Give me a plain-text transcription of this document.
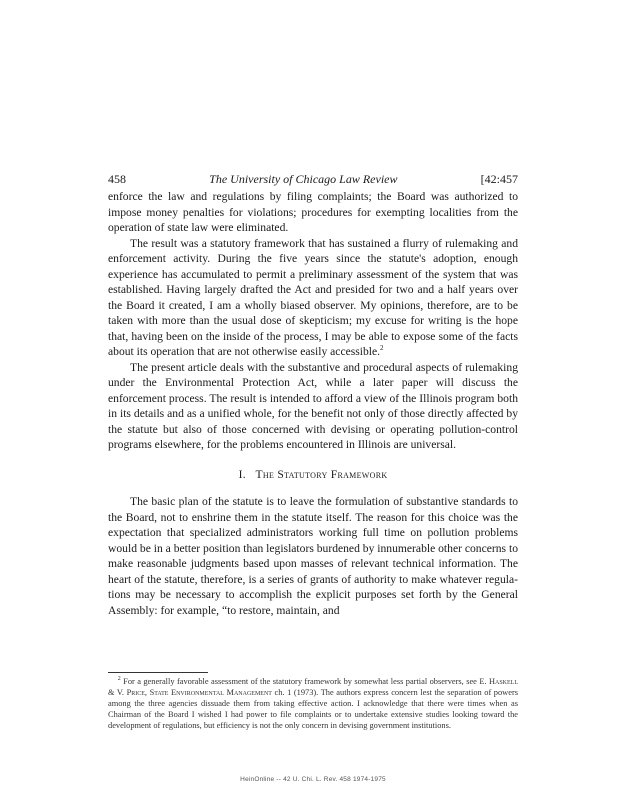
458	The University of Chicago Law Review	[42:457

enforce the law and regulations by filing complaints; the Board was authorized to impose money penalties for violations; procedures for exempting localities from the operation of state law were eliminated.

The result was a statutory framework that has sustained a flurry of rulemaking and enforcement activity. During the five years since the statute's adoption, enough experience has accumulated to permit a preliminary assessment of the system that was established. Having largely drafted the Act and presided for two and a half years over the Board it created, I am a wholly biased observer. My opinions, therefore, are to be taken with more than the usual dose of skepticism; my excuse for writing is the hope that, having been on the inside of the process, I may be able to expose some of the facts about its operation that are not otherwise easily accessible.$^2$

The present article deals with the substantive and procedural aspects of rulemaking under the Environmental Protection Act, while a later paper will discuss the enforcement process. The result is intended to afford a view of the Illinois program both in its details and as a unified whole, for the benefit not only of those directly affected by the statute but also of those concerned with devising or operating pollution-control programs elsewhere, for the problems encountered in Illinois are universal.

I. The Statutory Framework

The basic plan of the statute is to leave the formulation of substantive standards to the Board, not to enshrine them in the statute itself. The reason for this choice was the expectation that specialized administrators working full time on pollution problems would be in a better position than legislators burdened by innumerable other concerns to make reasonable judgments based upon masses of relevant technical information. The heart of the statute, therefore, is a series of grants of authority to make whatever regulations may be necessary to accomplish the explicit purposes set forth by the General Assembly: for example, “to restore, maintain, and

$^2$ For a generally favorable assessment of the statutory framework by somewhat less partial observers, see E. Haskell & V. Price, State Environmental Management ch. 1 (1973). The authors express concern lest the separation of powers among the three agencies dissuade them from taking effective action. I acknowledge that there were times when as Chairman of the Board I wished I had power to file complaints or to undertake extensive studies looking toward the development of regulations, but efficiency is not the only concern in devising government institutions.
HeinOnline -- 42 U. Chi. L. Rev. 458 1974-1975
